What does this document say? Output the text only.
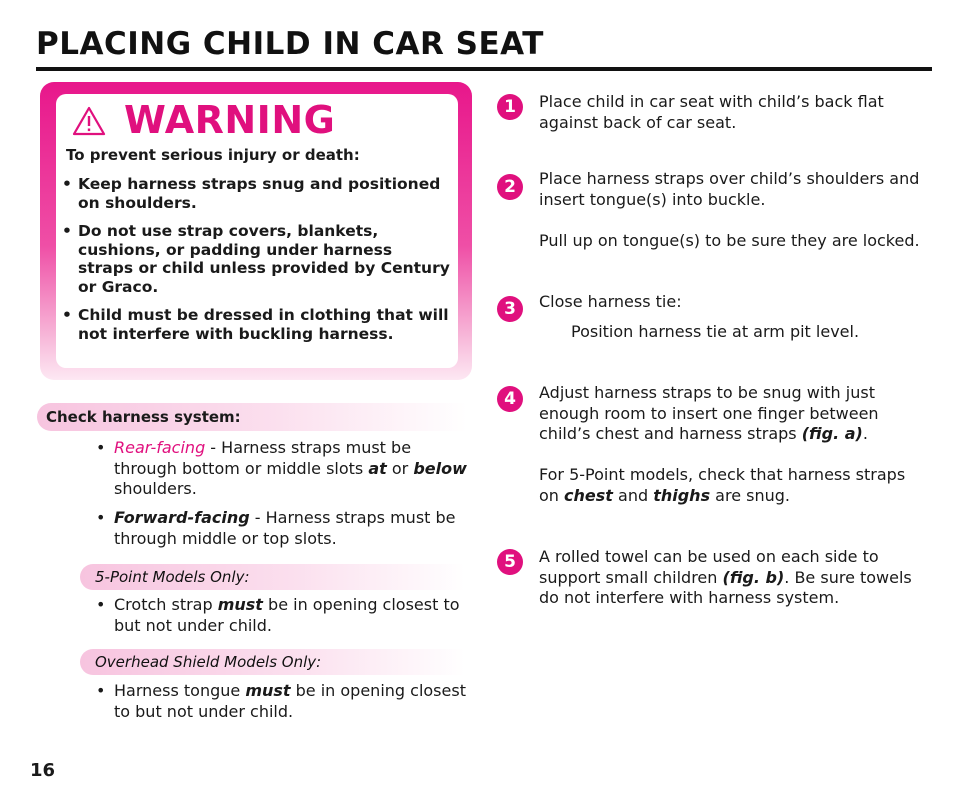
PLACING CHILD IN CAR SEAT
WARNING
To prevent serious injury or death:
• Keep harness straps snug and positioned on shoulders.
• Do not use strap covers, blankets, cushions, or padding under harness straps or child unless provided by Century or Graco.
• Child must be dressed in clothing that will not interfere with buckling harness.
Check harness system:
• Rear-facing - Harness straps must be through bottom or middle slots at or below shoulders.
• Forward-facing - Harness straps must be through middle or top slots.
5-Point Models Only:
• Crotch strap must be in opening closest to but not under child.
Overhead Shield Models Only:
• Harness tongue must be in opening closest to but not under child.
1	Place child in car seat with child’s back flat against back of car seat.
2	Place harness straps over child’s shoulders and insert tongue(s) into buckle.
Pull up on tongue(s) to be sure they are locked.
3	Close harness tie:
Position harness tie at arm pit level.
4	Adjust harness straps to be snug with just enough room to insert one finger between child’s chest and harness straps (fig. a).
For 5-Point models, check that harness straps on chest and thighs are snug.
5	A rolled towel can be used on each side to support small children (fig. b). Be sure towels do not interfere with harness system.
16
